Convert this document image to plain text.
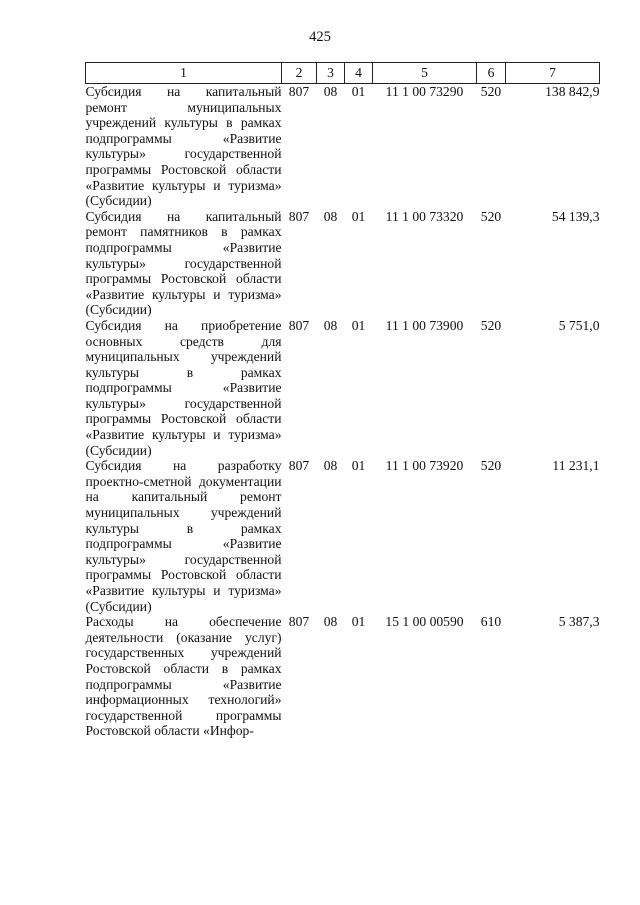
425
1	2	3	4	5	6	7
Субсидия на капитальный ремонт муниципальных учреждений культуры в рамках подпрограммы «Развитие культуры» государственной программы Ростовской области «Развитие культуры и туризма» (Субсидии)	807	08	01	11 1 00 73290	520	138 842,9
Субсидия на капитальный ремонт памятников в рамках подпрограммы «Развитие культуры» государственной программы Ростовской области «Развитие культуры и туризма» (Субсидии)	807	08	01	11 1 00 73320	520	54 139,3
Субсидия на приобретение основных средств для муниципальных учреждений культуры в рамках подпрограммы «Развитие культуры» государственной программы Ростовской области «Развитие культуры и туризма» (Субсидии)	807	08	01	11 1 00 73900	520	5 751,0
Субсидия на разработку проектно-сметной документации на капитальный ремонт муниципальных учреждений культуры в рамках подпрограммы «Развитие культуры» государственной программы Ростовской области «Развитие культуры и туризма» (Субсидии)	807	08	01	11 1 00 73920	520	11 231,1
Расходы на обеспечение деятельности (оказание услуг) государственных учреждений Ростовской области в рамках подпрограммы «Развитие информационных технологий» государственной программы Ростовской области «Инфор-	807	08	01	15 1 00 00590	610	5 387,3
